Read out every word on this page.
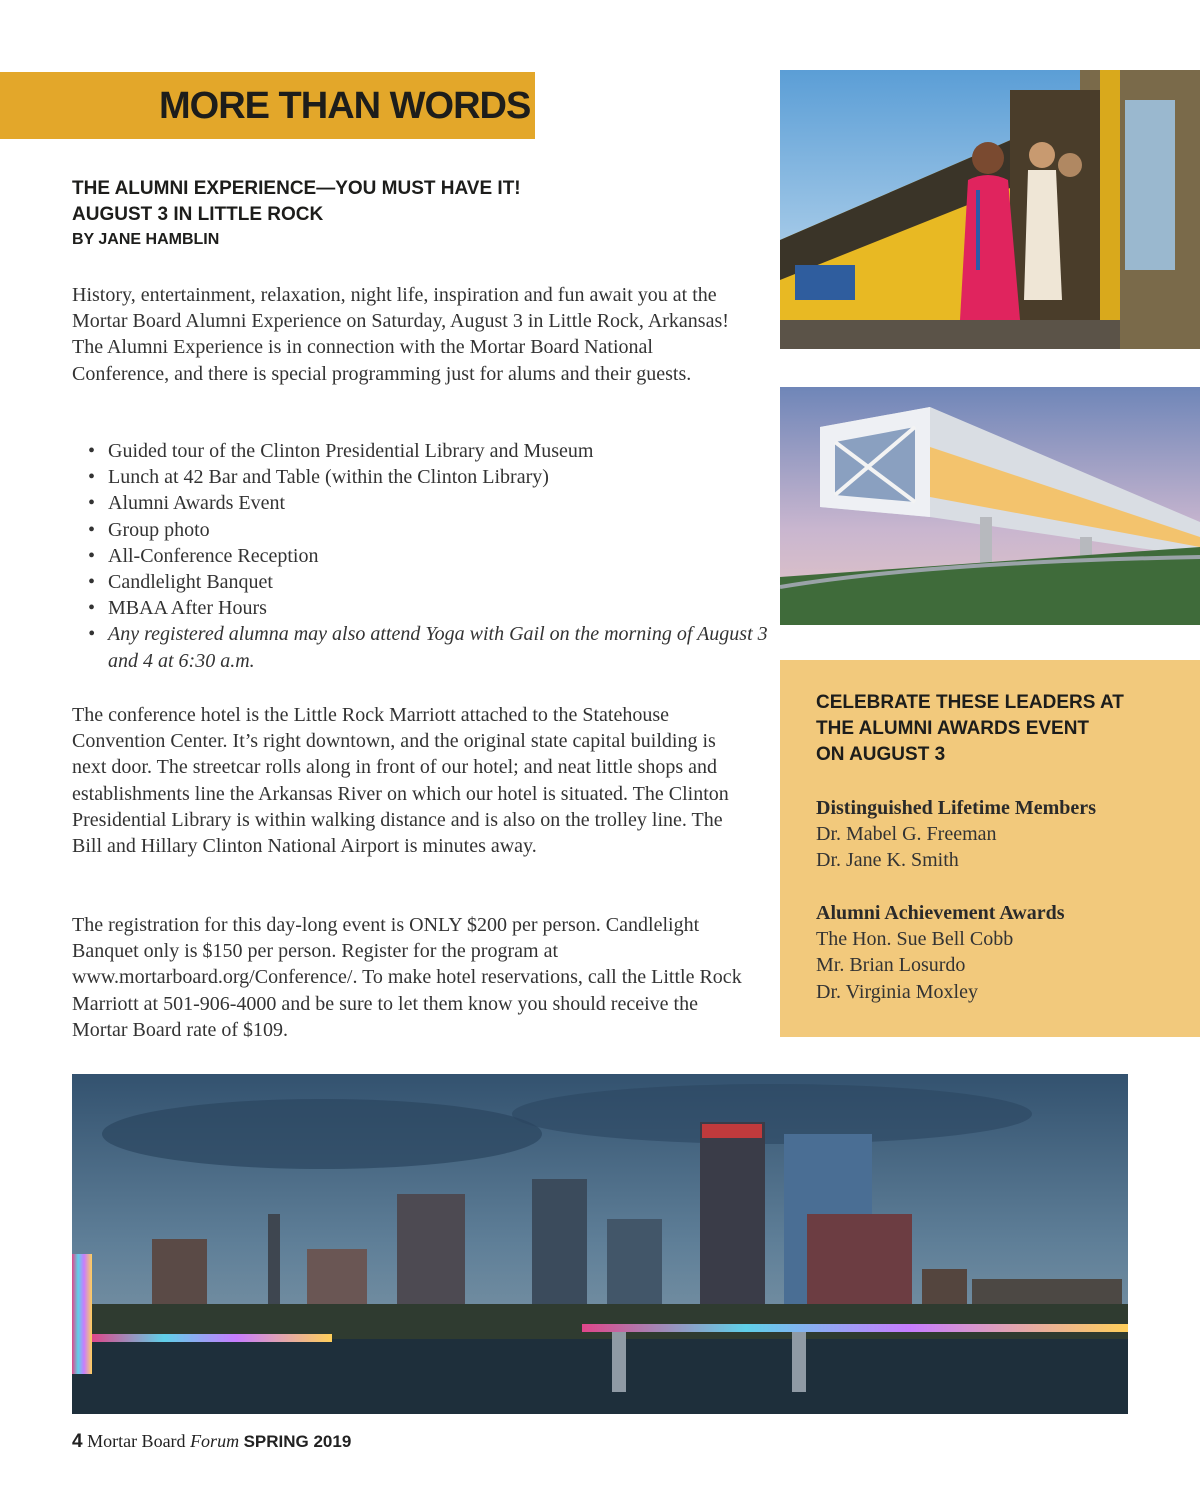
MORE THAN WORDS
THE ALUMNI EXPERIENCE—YOU MUST HAVE IT!
AUGUST 3 IN LITTLE ROCK
BY JANE HAMBLIN

History, entertainment, relaxation, night life, inspiration and fun await you at the Mortar Board Alumni Experience on Saturday, August 3 in Little Rock, Arkansas! The Alumni Experience is in connection with the Mortar Board National Conference, and there is special programming just for alums and their guests.

• Guided tour of the Clinton Presidential Library and Museum
• Lunch at 42 Bar and Table (within the Clinton Library)
• Alumni Awards Event
• Group photo
• All-Conference Reception
• Candlelight Banquet
• MBAA After Hours
• Any registered alumna may also attend Yoga with Gail on the morning of August 3 and 4 at 6:30 a.m.

The conference hotel is the Little Rock Marriott attached to the Statehouse Convention Center. It’s right downtown, and the original state capital building is next door. The streetcar rolls along in front of our hotel; and neat little shops and establishments line the Arkansas River on which our hotel is situated. The Clinton Presidential Library is within walking distance and is also on the trolley line. The Bill and Hillary Clinton National Airport is minutes away.

The registration for this day-long event is ONLY $200 per person. Candlelight Banquet only is $150 per person. Register for the program at www.mortarboard.org/Conference/. To make hotel reservations, call the Little Rock Marriott at 501-906-4000 and be sure to let them know you should receive the Mortar Board rate of $109.

CELEBRATE THESE LEADERS AT
THE ALUMNI AWARDS EVENT
ON AUGUST 3
Distinguished Lifetime Members
Dr. Mabel G. Freeman
Dr. Jane K. Smith
Alumni Achievement Awards
The Hon. Sue Bell Cobb
Mr. Brian Losurdo
Dr. Virginia Moxley
4 Mortar Board Forum SPRING 2019
